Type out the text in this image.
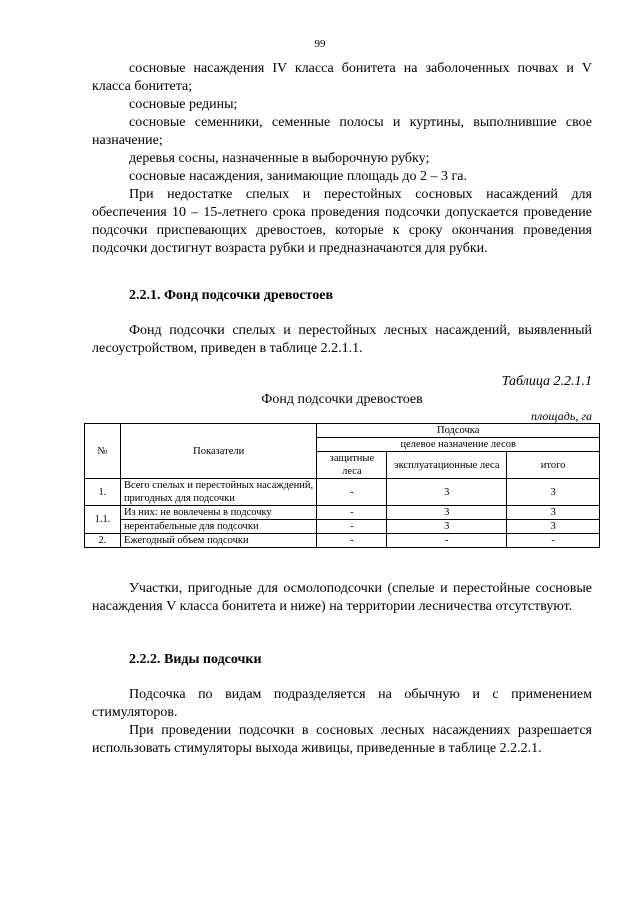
99

сосновые насаждения IV класса бонитета на заболоченных почвах и V класса бонитета;

сосновые редины;

сосновые семенники, семенные полосы и куртины, выполнившие свое назначение;

деревья сосны, назначенные в выборочную рубку;

сосновые насаждения, занимающие площадь до 2 – 3 га.

При недостатке спелых и перестойных сосновых насаждений для обеспечения 10 – 15-летнего срока проведения подсочки допускается проведение подсочки приспевающих древостоев, которые к сроку окончания проведения подсочки достигнут возраста рубки и предназначаются для рубки.

2.2.1. Фонд подсочки древостоев

Фонд подсочки спелых и перестойных лесных насаждений, выявленный лесоустройством, приведен в таблице 2.2.1.1.

Таблица 2.2.1.1
Фонд подсочки древостоев
площадь, га
№	Показатели	Подсочка		
		целевое назначение лесов		
		защитные леса	эксплуатационные леса	итого
1.	Всего спелых и перестойных насаждений, пригодных для подсочки	-	3	3
1.1.	Из них: не вовлечены в подсочку	-	3	3
	нерентабельные для подсочки	-	3	3
2.	Ежегодный объем подсочки	-	-	-

Участки, пригодные для осмолоподсочки (спелые и перестойные сосновые насаждения V класса бонитета и ниже) на территории лесничества отсутствуют.

2.2.2. Виды подсочки

Подсочка по видам подразделяется на обычную и с применением стимуляторов.

При проведении подсочки в сосновых лесных насаждениях разрешается использовать стимуляторы выхода живицы, приведенные в таблице 2.2.2.1.
